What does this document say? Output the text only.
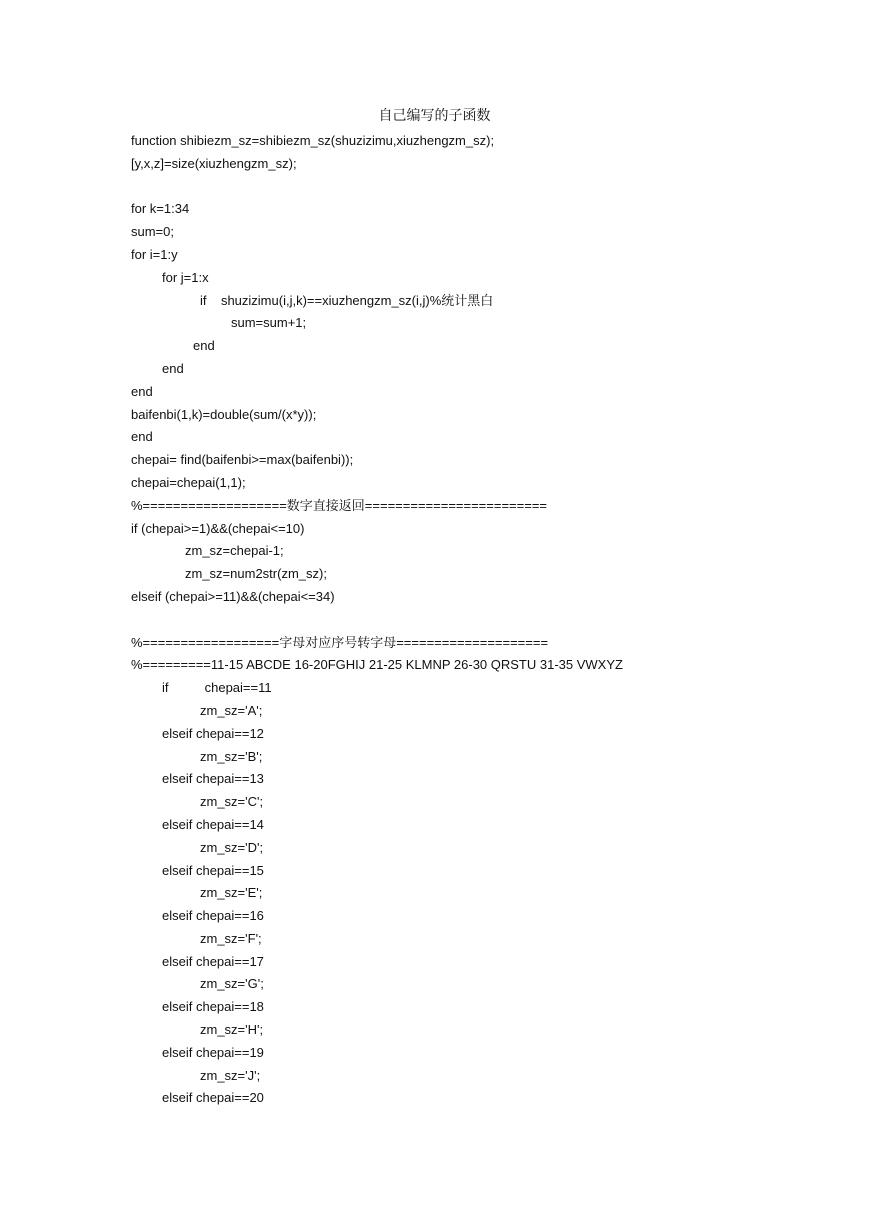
自己编写的子函数
function shibiezm_sz=shibiezm_sz(shuzizimu,xiuzhengzm_sz);
[y,x,z]=size(xiuzhengzm_sz);
for k=1:34
sum=0;
for i=1:y
for j=1:x
if    shuzizimu(i,j,k)==xiuzhengzm_sz(i,j)%统计黑白
sum=sum+1;
end
end
end
baifenbi(1,k)=double(sum/(x*y));
end
chepai= find(baifenbi>=max(baifenbi));
chepai=chepai(1,1);
%===================数字直接返回========================
if (chepai>=1)&&(chepai<=10)
zm_sz=chepai-1;
zm_sz=num2str(zm_sz);
elseif (chepai>=11)&&(chepai<=34)
%==================字母对应序号转字母====================
%=========11-15 ABCDE 16-20FGHIJ 21-25 KLMNP 26-30 QRSTU 31-35 VWXYZ
if          chepai==11
zm_sz='A';
elseif chepai==12
zm_sz='B';
elseif chepai==13
zm_sz='C';
elseif chepai==14
zm_sz='D';
elseif chepai==15
zm_sz='E';
elseif chepai==16
zm_sz='F';
elseif chepai==17
zm_sz='G';
elseif chepai==18
zm_sz='H';
elseif chepai==19
zm_sz='J';
elseif chepai==20
